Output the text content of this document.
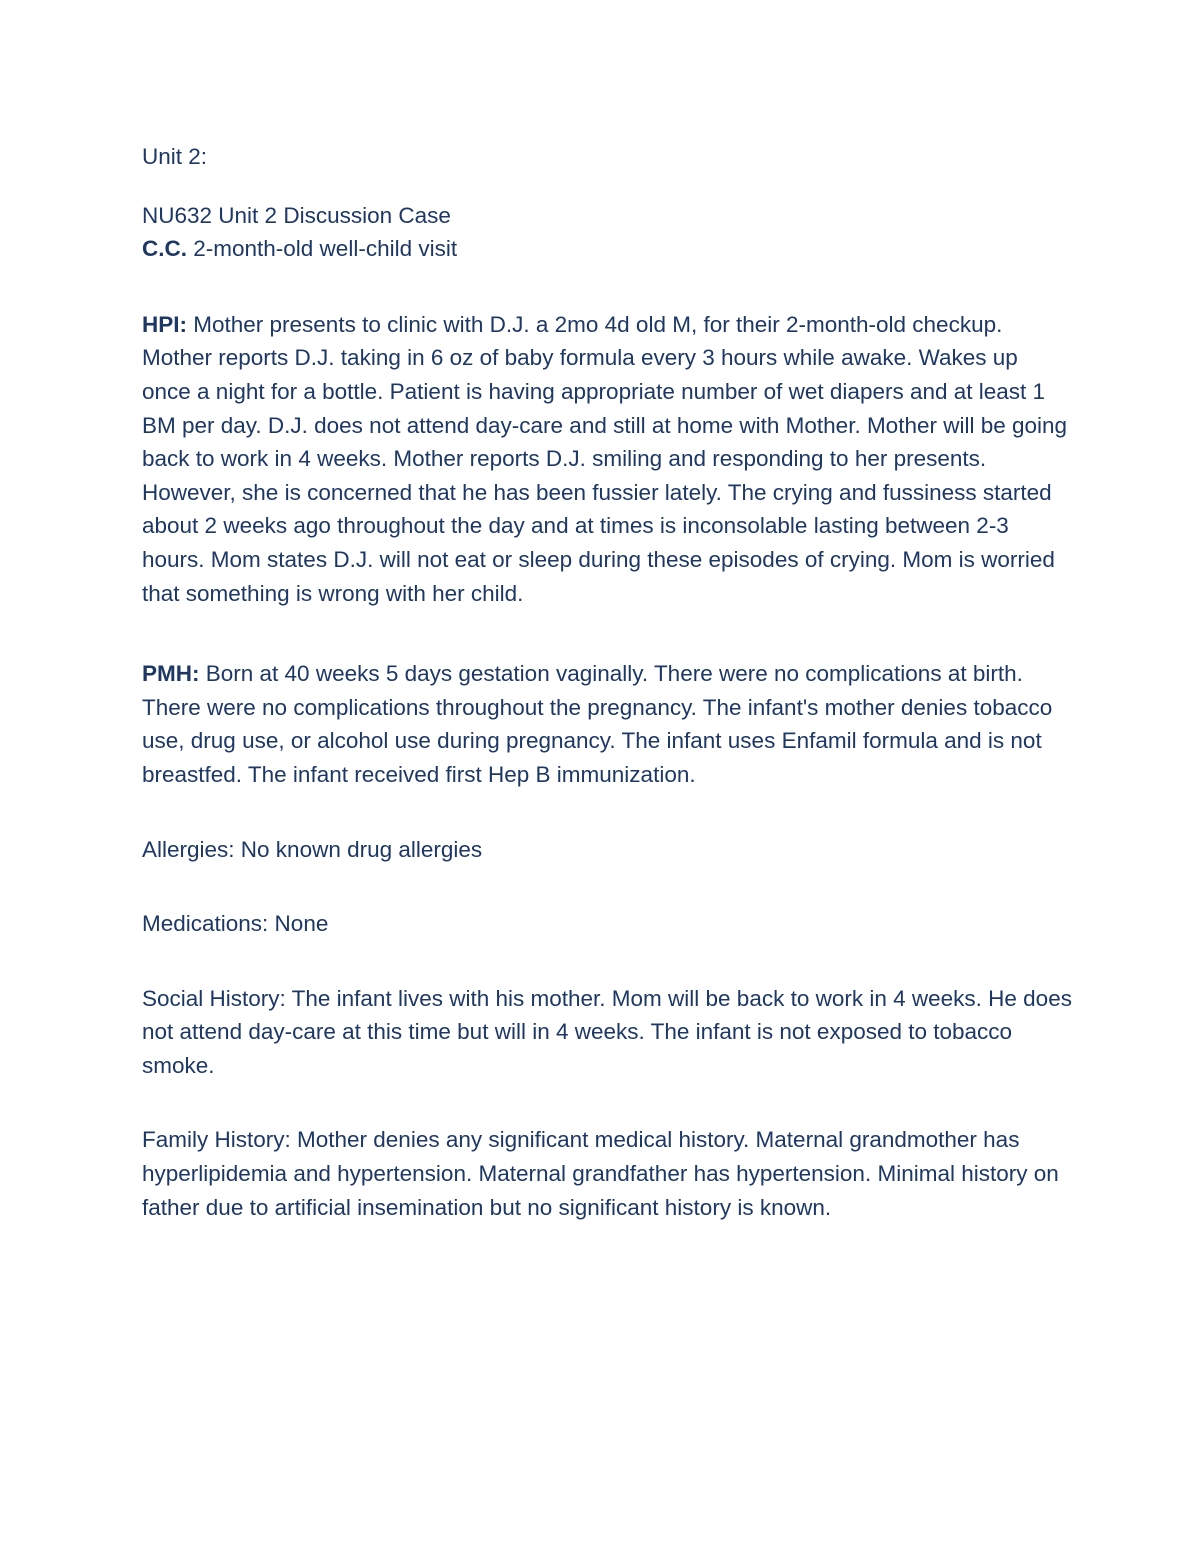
Unit 2:

NU632 Unit 2 Discussion Case

C.C. 2-month-old well-child visit

HPI: Mother presents to clinic with D.J. a 2mo 4d old M, for their 2-month-old checkup. Mother reports D.J. taking in 6 oz of baby formula every 3 hours while awake. Wakes up once a night for a bottle. Patient is having appropriate number of wet diapers and at least 1 BM per day. D.J. does not attend day-care and still at home with Mother. Mother will be going back to work in 4 weeks. Mother reports D.J. smiling and responding to her presents. However, she is concerned that he has been fussier lately. The crying and fussiness started about 2 weeks ago throughout the day and at times is inconsolable lasting between 2-3 hours. Mom states D.J. will not eat or sleep during these episodes of crying. Mom is worried that something is wrong with her child.

PMH: Born at 40 weeks 5 days gestation vaginally. There were no complications at birth. There were no complications throughout the pregnancy. The infant's mother denies tobacco use, drug use, or alcohol use during pregnancy. The infant uses Enfamil formula and is not breastfed. The infant received first Hep B immunization.

Allergies: No known drug allergies

Medications: None

Social History: The infant lives with his mother. Mom will be back to work in 4 weeks. He does not attend day-care at this time but will in 4 weeks. The infant is not exposed to tobacco smoke.

Family History: Mother denies any significant medical history. Maternal grandmother has hyperlipidemia and hypertension. Maternal grandfather has hypertension. Minimal history on father due to artificial insemination but no significant history is known.
